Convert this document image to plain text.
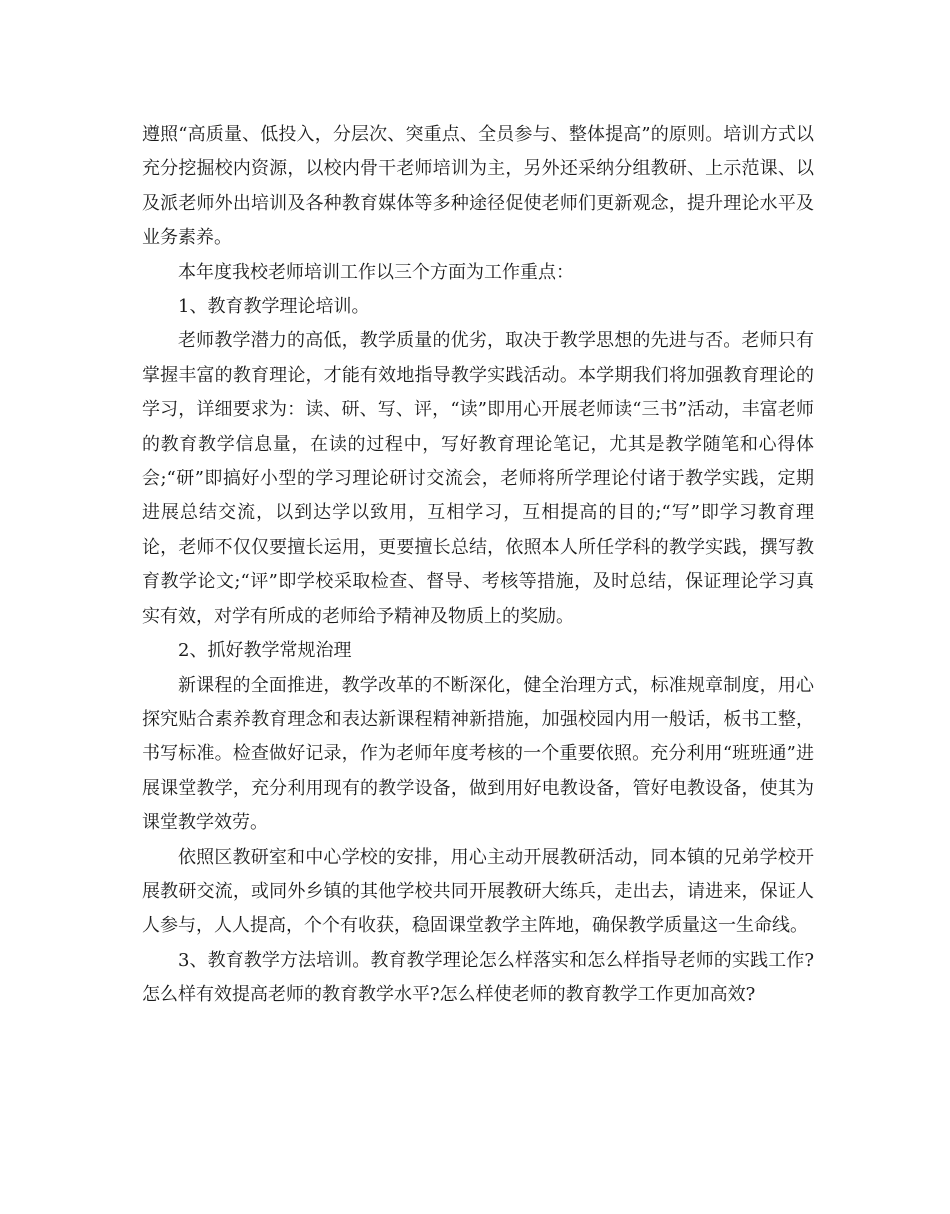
遵照“高质量、低投入，分层次、突重点、全员参与、整体提高”的原则。培训方式以充分挖掘校内资源，以校内骨干老师培训为主，另外还采纳分组教研、上示范课、以及派老师外出培训及各种教育媒体等多种途径促使老师们更新观念，提升理论水平及业务素养。

本年度我校老师培训工作以三个方面为工作重点：

1、教育教学理论培训。

老师教学潜力的高低，教学质量的优劣，取决于教学思想的先进与否。老师只有掌握丰富的教育理论，才能有效地指导教学实践活动。本学期我们将加强教育理论的学习，详细要求为：读、研、写、评，“读”即用心开展老师读“三书”活动，丰富老师的教育教学信息量，在读的过程中，写好教育理论笔记，尤其是教学随笔和心得体会;“研”即搞好小型的学习理论研讨交流会，老师将所学理论付诸于教学实践，定期进展总结交流，以到达学以致用，互相学习，互相提高的目的;“写”即学习教育理论，老师不仅仅要擅长运用，更要擅长总结，依照本人所任学科的教学实践，撰写教育教学论文;“评”即学校采取检查、督导、考核等措施，及时总结，保证理论学习真实有效，对学有所成的老师给予精神及物质上的奖励。

2、抓好教学常规治理

新课程的全面推进，教学改革的不断深化，健全治理方式，标准规章制度，用心探究贴合素养教育理念和表达新课程精神新措施，加强校园内用一般话，板书工整，书写标准。检查做好记录，作为老师年度考核的一个重要依照。充分利用“班班通”进展课堂教学，充分利用现有的教学设备，做到用好电教设备，管好电教设备，使其为课堂教学效劳。

依照区教研室和中心学校的安排，用心主动开展教研活动，同本镇的兄弟学校开展教研交流，或同外乡镇的其他学校共同开展教研大练兵，走出去，请进来，保证人人参与，人人提高，个个有收获，稳固课堂教学主阵地，确保教学质量这一生命线。

3、教育教学方法培训。教育教学理论怎么样落实和怎么样指导老师的实践工作?怎么样有效提高老师的教育教学水平?怎么样使老师的教育教学工作更加高效?
